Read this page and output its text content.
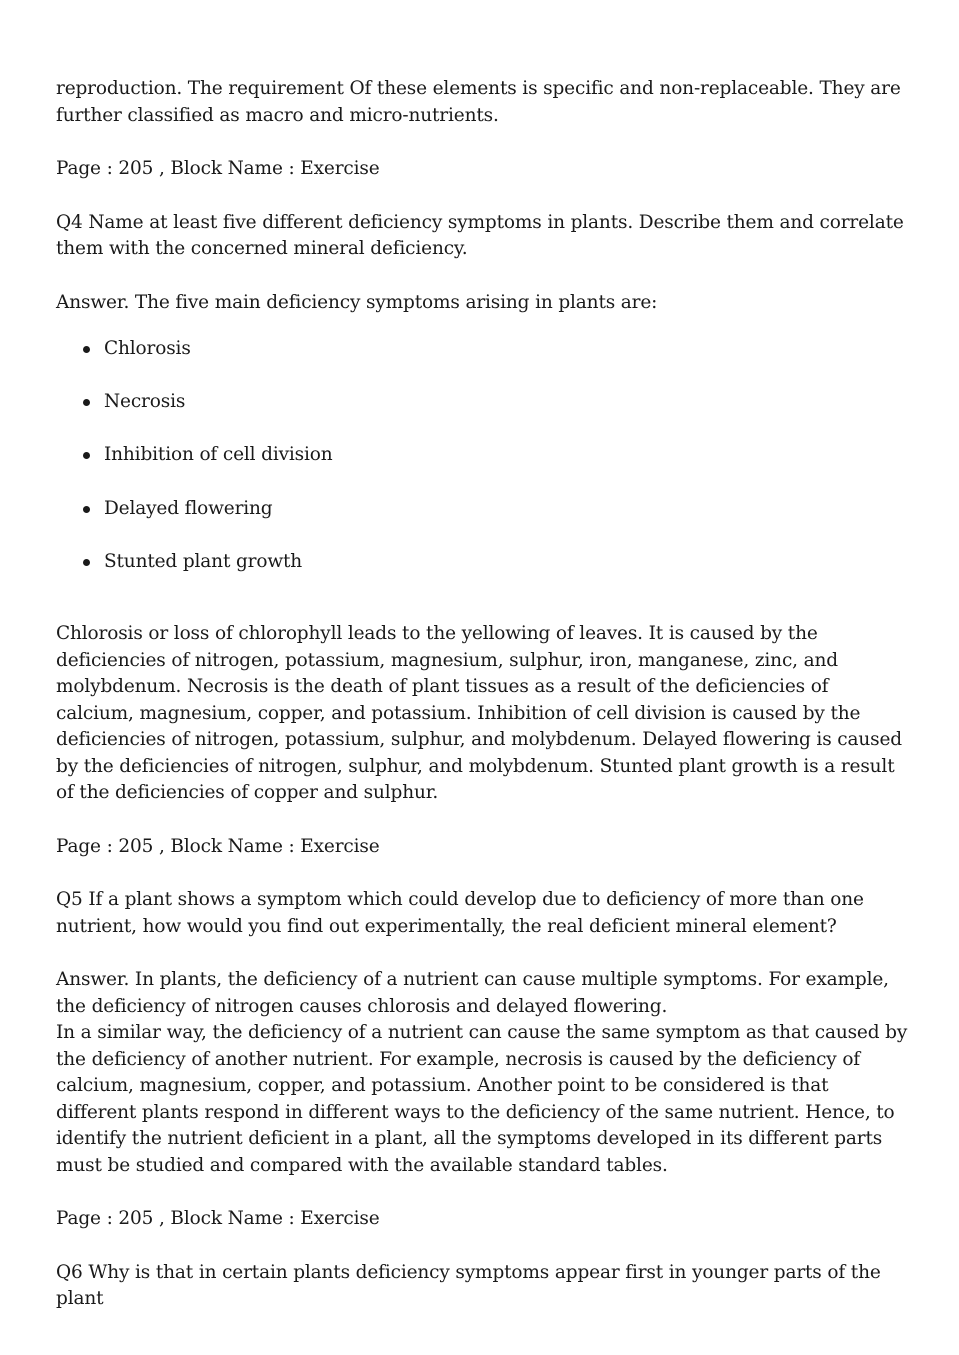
reproduction. The requirement Of these elements is specific and non-replaceable. They are further classified as macro and micro-nutrients.

Page : 205 , Block Name : Exercise

Q4 Name at least five different deficiency symptoms in plants. Describe them and correlate them with the concerned mineral deficiency.

Answer. The five main deficiency symptoms arising in plants are:

Chlorosis
Necrosis
Inhibition of cell division
Delayed flowering
Stunted plant growth

Chlorosis or loss of chlorophyll leads to the yellowing of leaves. It is caused by the deficiencies of nitrogen, potassium, magnesium, sulphur, iron, manganese, zinc, and molybdenum. Necrosis is the death of plant tissues as a result of the deficiencies of calcium, magnesium, copper, and potassium. Inhibition of cell division is caused by the deficiencies of nitrogen, potassium, sulphur, and molybdenum. Delayed flowering is caused by the deficiencies of nitrogen, sulphur, and molybdenum. Stunted plant growth is a result of the deficiencies of copper and sulphur.

Page : 205 , Block Name : Exercise

Q5 If a plant shows a symptom which could develop due to deficiency of more than one nutrient, how would you find out experimentally, the real deficient mineral element?

Answer. In plants, the deficiency of a nutrient can cause multiple symptoms. For example, the deficiency of nitrogen causes chlorosis and delayed flowering.

In a similar way, the deficiency of a nutrient can cause the same symptom as that caused by the deficiency of another nutrient. For example, necrosis is caused by the deficiency of calcium, magnesium, copper, and potassium. Another point to be considered is that different plants respond in different ways to the deficiency of the same nutrient. Hence, to identify the nutrient deficient in a plant, all the symptoms developed in its different parts must be studied and compared with the available standard tables.

Page : 205 , Block Name : Exercise

Q6 Why is that in certain plants deficiency symptoms appear first in younger parts of the plant
